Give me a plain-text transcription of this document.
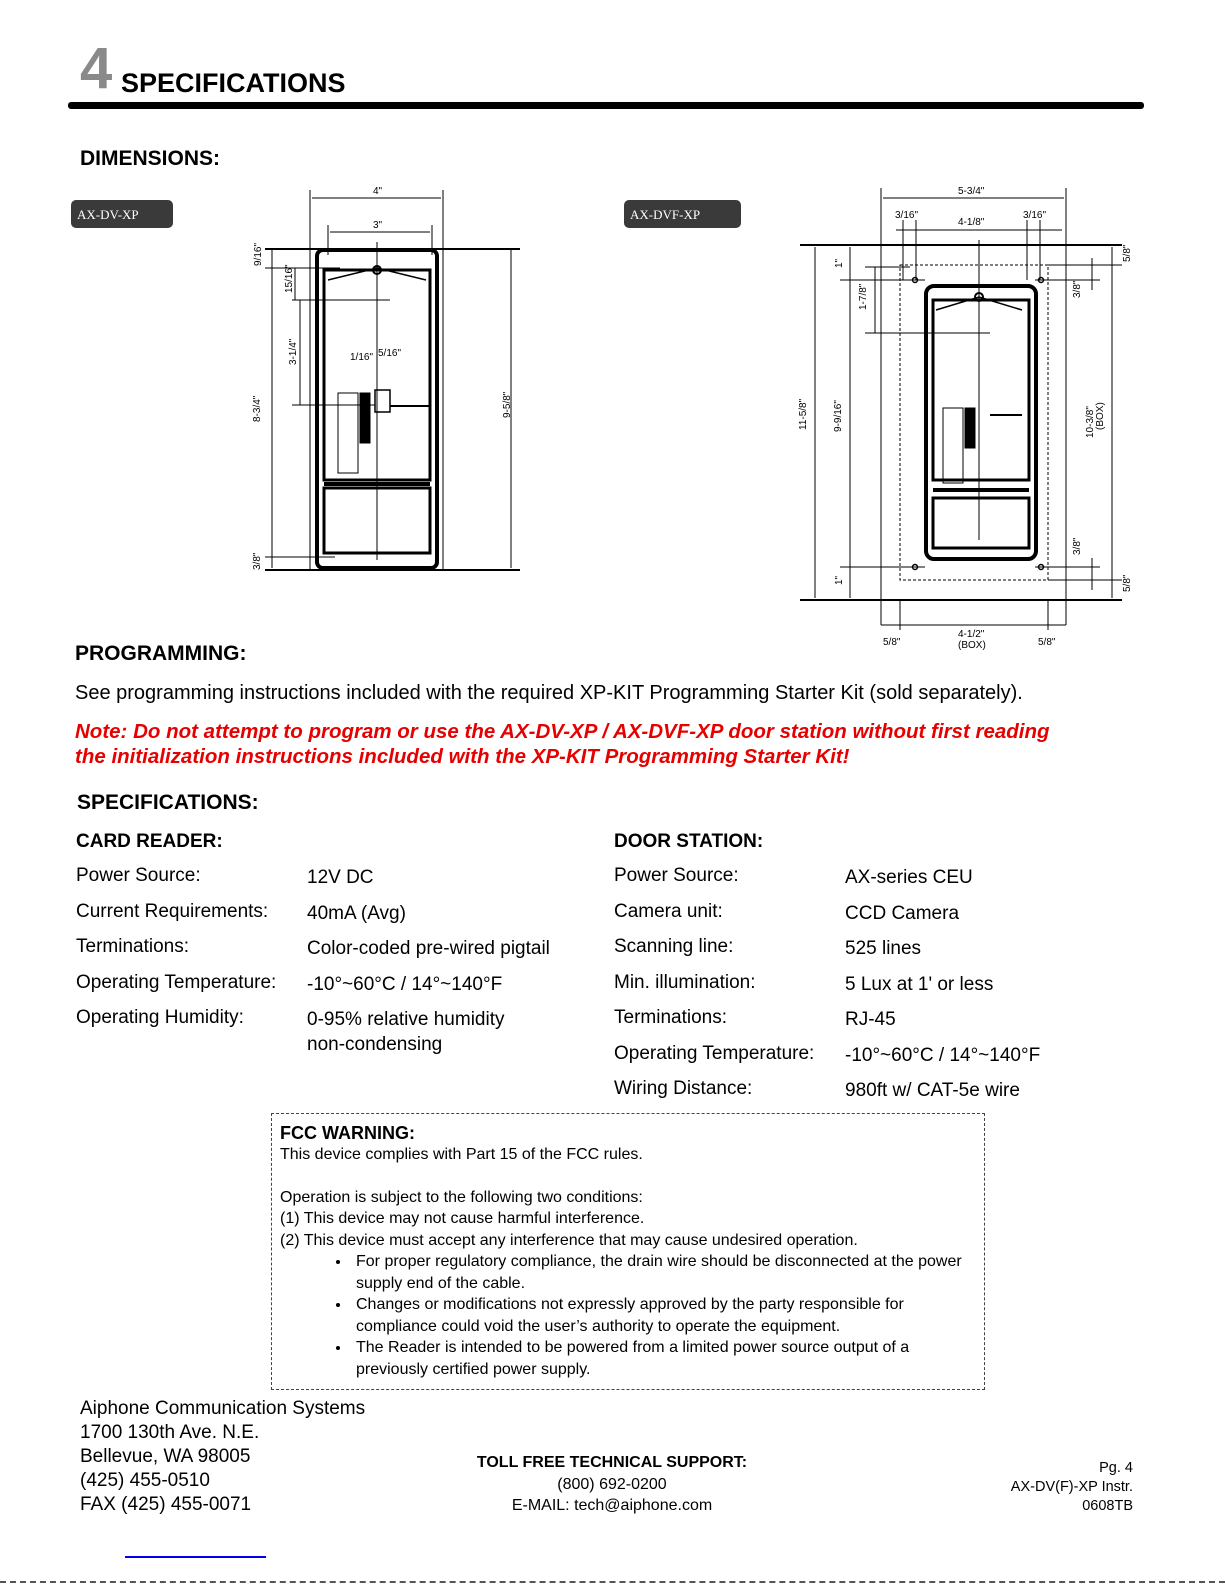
4 SPECIFICATIONS
DIMENSIONS:
AX-DV-XP	AX-DVF-XP
4"
3"
1/16" 5/16"
9/16"
15/16"
3-1/4"
8-3/4"
3/8"
9-5/8"
5-3/4"
3/16"
4-1/8"
3/16"
11-5/8" 9-9/16"
1"
1-7/8"
1"
5/8"
3/8"
10-3/8" (BOX)
3/8"
5/8"
5/8"
4-1/2"
(BOX)	5/8"
PROGRAMMING:
See programming instructions included with the required XP-KIT Programming Starter Kit (sold separately).
Note: Do not attempt to program or use the AX-DV-XP / AX-DVF-XP door station without first reading
the initialization instructions included with the XP-KIT Programming Starter Kit!
SPECIFICATIONS:
CARD READER:
Power Source:	12V DC
Current Requirements: 40mA (Avg)
Terminations:	Color-coded pre-wired pigtail
Operating Temperature: -10°~60°C / 14°~140°F
Operating Humidity:	0-95% relative humidity
non-condensing
DOOR STATION:
Power Source:	AX-series CEU
Camera unit:	CCD Camera
Scanning line:	525 lines
Min. illumination:	5 Lux at 1' or less
Terminations:	RJ-45
Operating Temperature: -10°~60°C / 14°~140°F
Wiring Distance:	980ft w/ CAT-5e wire
FCC WARNING:
This device complies with Part 15 of the FCC rules.
Operation is subject to the following two conditions:
(1) This device may not cause harmful interference.
(2) This device must accept any interference that may cause undesired operation.
• For proper regulatory compliance, the drain wire should be disconnected at the power supply end of the cable.
• Changes or modifications not expressly approved by the party responsible for compliance could void the user’s authority to operate the equipment.
• The Reader is intended to be powered from a limited power source output of a previously certified power supply.
Aiphone Communication Systems
1700 130th Ave. N.E.
Bellevue, WA 98005
(425) 455-0510
FAX (425) 455-0071
TOLL FREE TECHNICAL SUPPORT:
(800) 692-0200
E-MAIL: tech@aiphone.com
Pg. 4
AX-DV(F)-XP Instr.
0608TB
